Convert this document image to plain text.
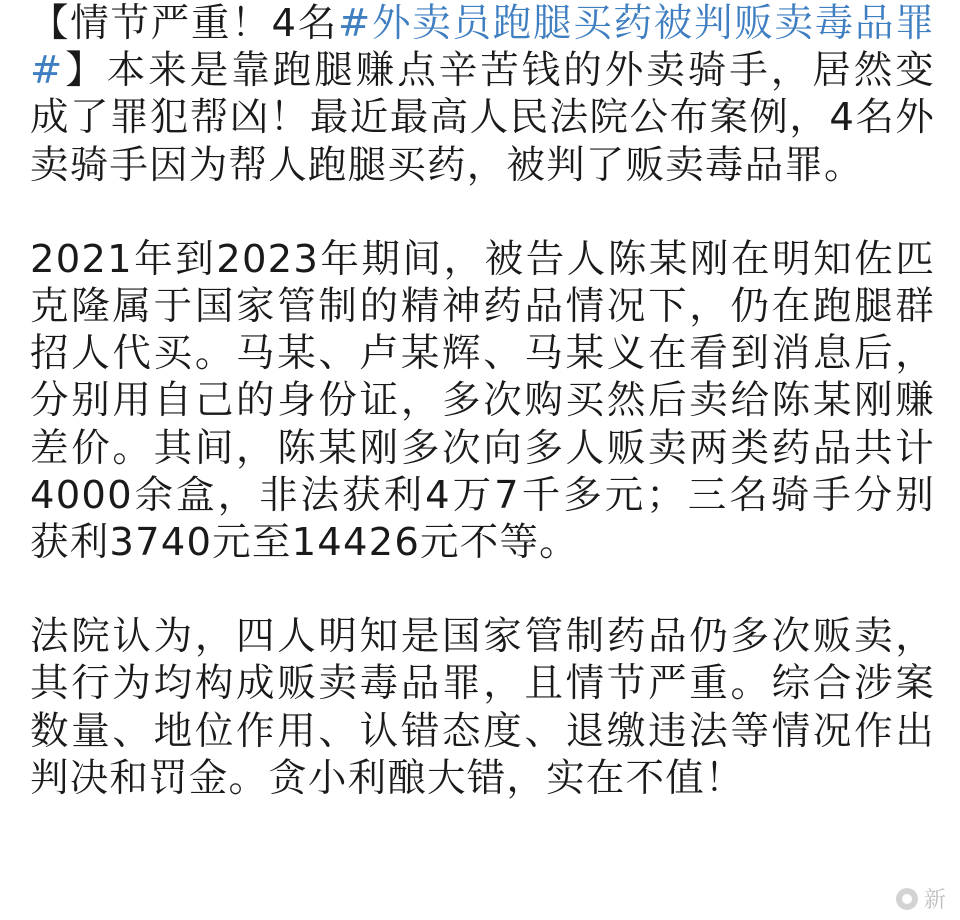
【情节严重！4名#外卖员跑腿买药被判贩卖毒品罪#】本来是靠跑腿赚点辛苦钱的外卖骑手，居然变成了罪犯帮凶！最近最高人民法院公布案例，4名外卖骑手因为帮人跑腿买药，被判了贩卖毒品罪。

2021年到2023年期间，被告人陈某刚在明知佐匹克隆属于国家管制的精神药品情况下，仍在跑腿群招人代买。马某、卢某辉、马某义在看到消息后，分别用自己的身份证，多次购买然后卖给陈某刚赚差价。其间，陈某刚多次向多人贩卖两类药品共计4000余盒，非法获利4万7千多元；三名骑手分别获利3740元至14426元不等。

法院认为，四人明知是国家管制药品仍多次贩卖，其行为均构成贩卖毒品罪，且情节严重。综合涉案数量、地位作用、认错态度、退缴违法等情况作出判决和罚金。贪小利酿大错，实在不值！

新
